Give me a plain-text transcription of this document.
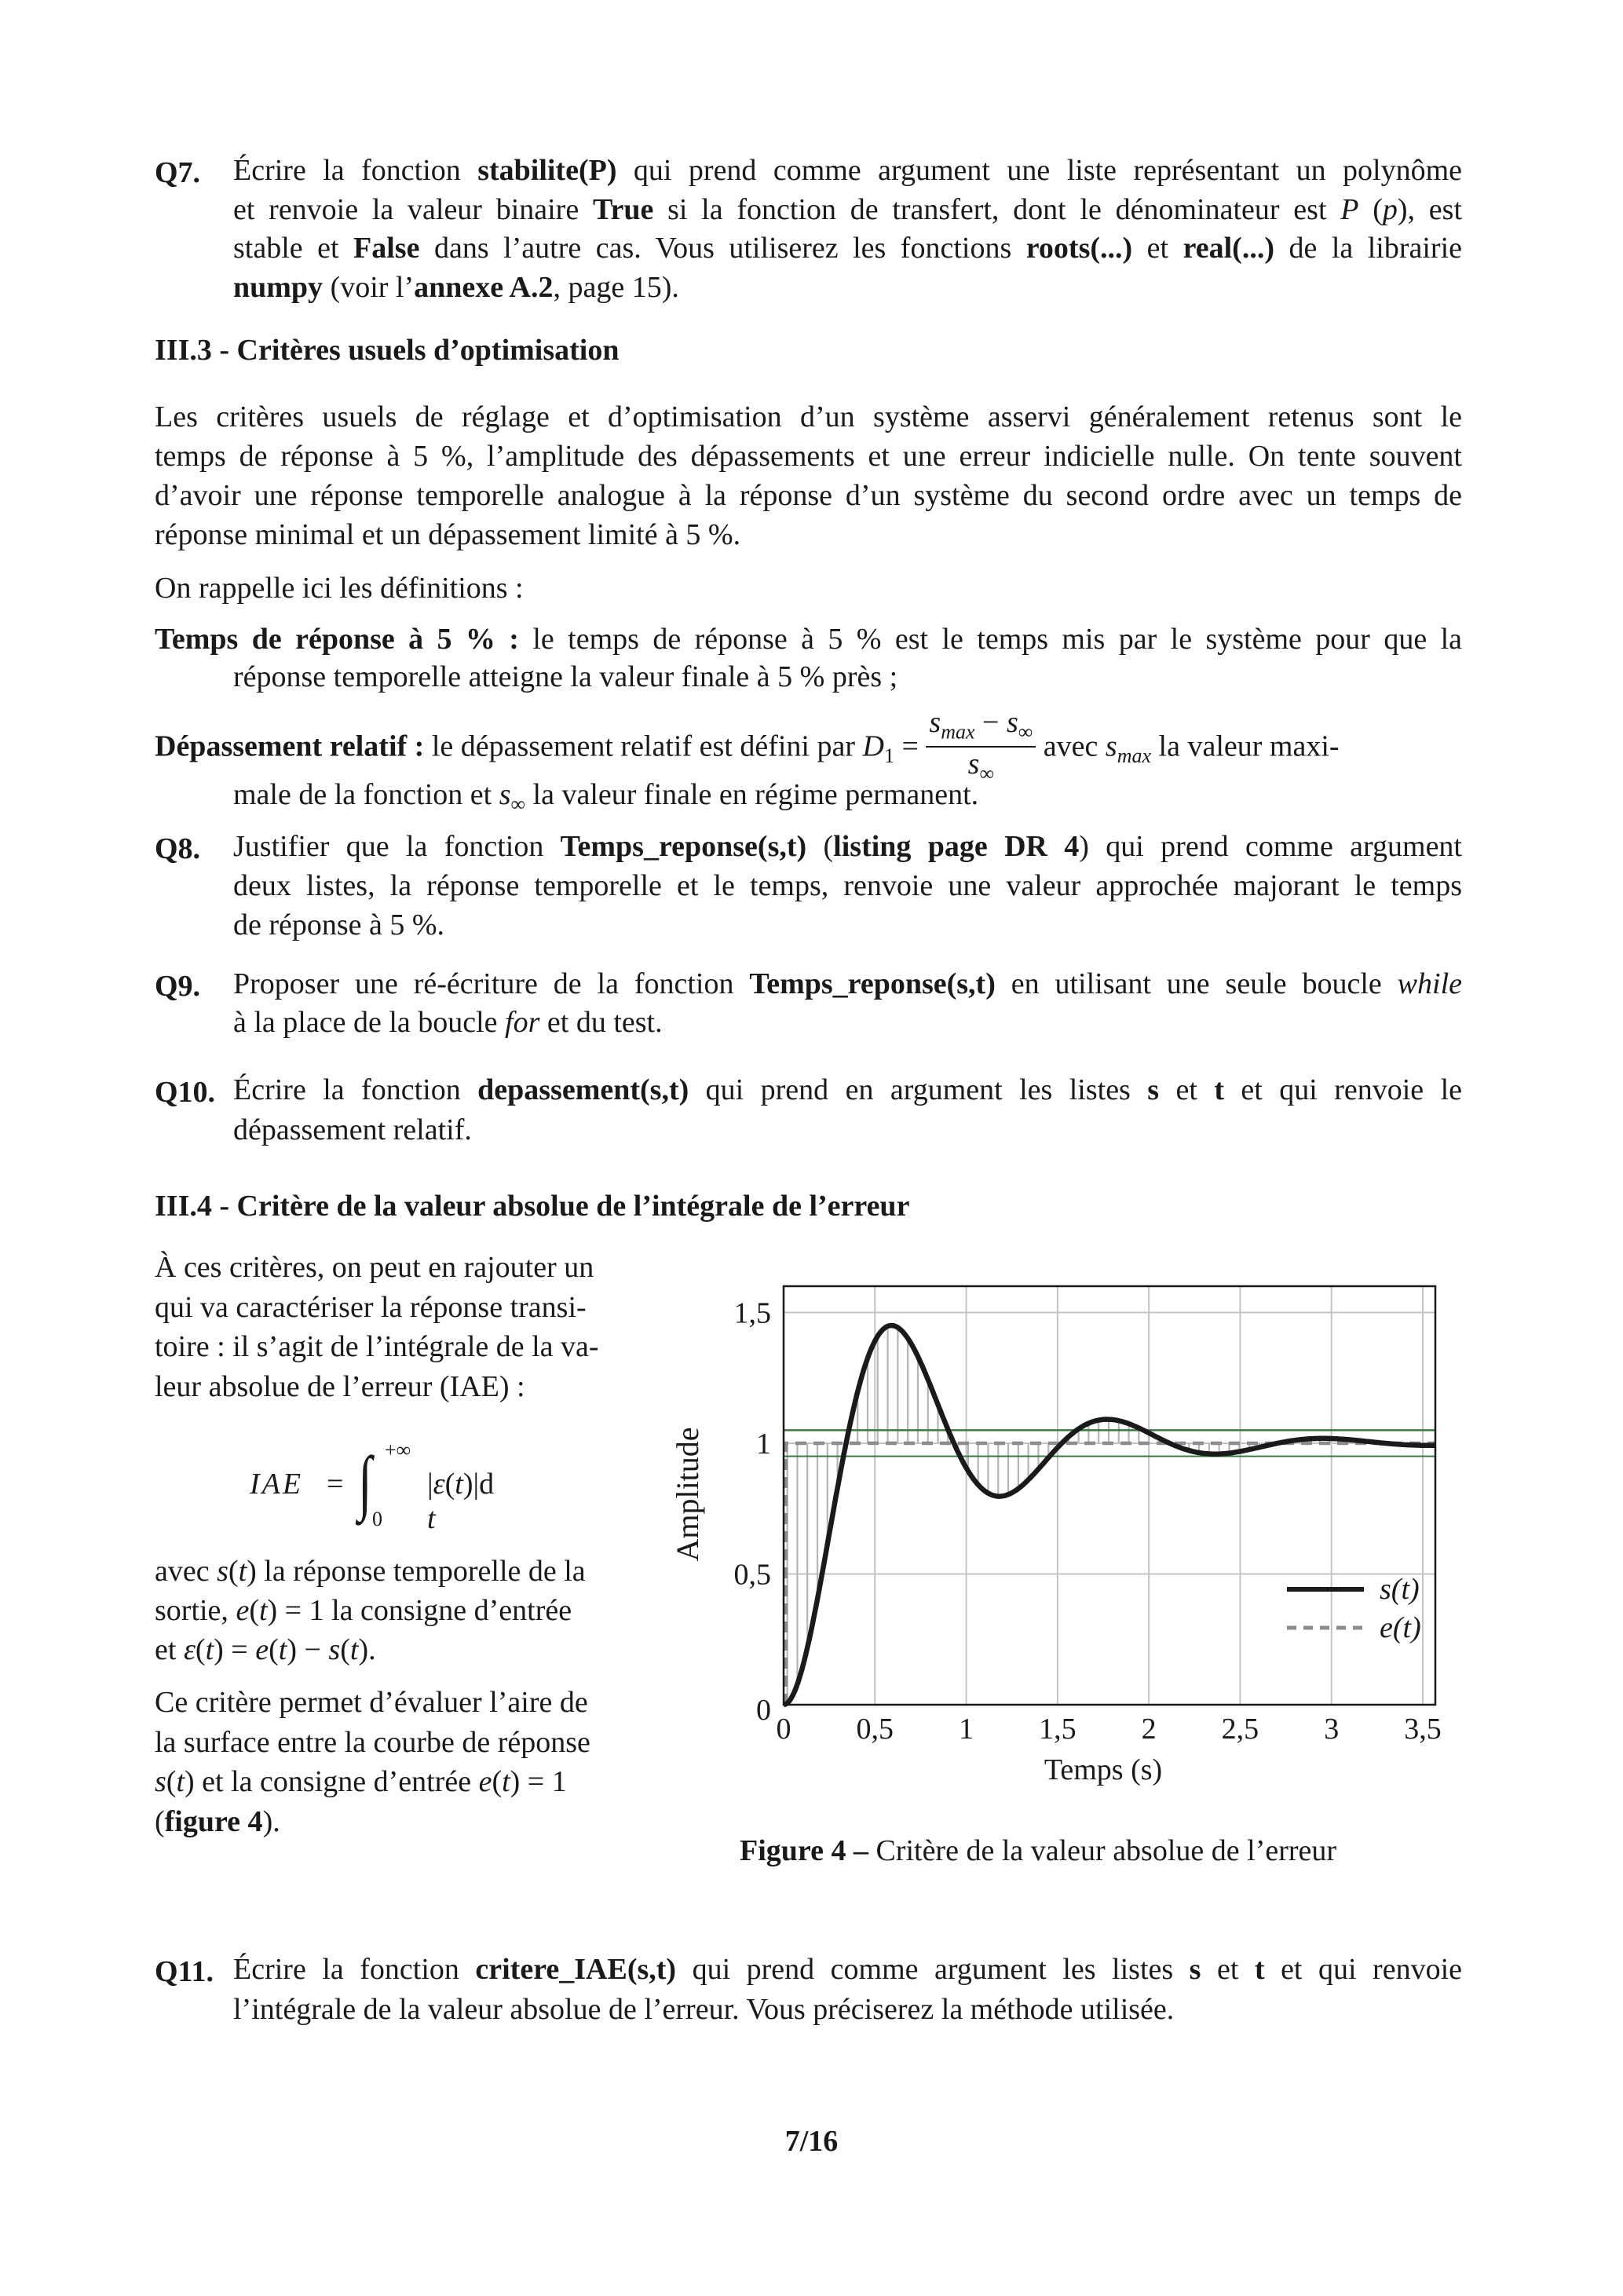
Q7. Écrire la fonction stabilite(P) qui prend comme argument une liste représentant un polynôme
et renvoie la valeur binaire True si la fonction de transfert, dont le dénominateur est P (p), est
stable et False dans l’autre cas. Vous utiliserez les fonctions roots(...) et real(...) de la librairie
numpy (voir l’annexe A.2, page 15).
III.3 - Critères usuels d’optimisation
Les critères usuels de réglage et d’optimisation d’un système asservi généralement retenus sont le
temps de réponse à 5 %, l’amplitude des dépassements et une erreur indicielle nulle. On tente souvent
d’avoir une réponse temporelle analogue à la réponse d’un système du second ordre avec un temps de
réponse minimal et un dépassement limité à 5 %.
On rappelle ici les définitions :
Temps de réponse à 5 % : le temps de réponse à 5 % est le temps mis par le système pour que la
réponse temporelle atteigne la valeur finale à 5 % près ;
Dépassement relatif : le dépassement relatif est défini par $D_1 = \frac{s_{max} - s_\infty}{s_\infty}$ avec $s_{max}$ la valeur maxi-
male de la fonction et $s_\infty$ la valeur finale en régime permanent.
Q8. Justifier que la fonction Temps_reponse(s,t) (listing page DR 4) qui prend comme argument
deux listes, la réponse temporelle et le temps, renvoie une valeur approchée majorant le temps
de réponse à 5 %.
Q9. Proposer une ré-écriture de la fonction Temps_reponse(s,t) en utilisant une seule boucle while
à la place de la boucle for et du test.
Q10. Écrire la fonction depassement(s,t) qui prend en argument les listes s et t et qui renvoie le
dépassement relatif.
III.4 - Critère de la valeur absolue de l’intégrale de l’erreur
À ces critères, on peut en rajouter un
qui va caractériser la réponse transi-
toire : il s’agit de l’intégrale de la va-
leur absolue de l’erreur (IAE) :
IAE = ∫ +∞
0
|ε(t)|d t
avec s(t) la réponse temporelle de la
sortie, e(t) = 1 la consigne d’entrée
et ε(t) = e(t) − s(t).
Ce critère permet d’évaluer l’aire de
la surface entre la courbe de réponse
s(t) et la consigne d’entrée e(t) = 1
(figure 4).
0 0,5 1 1,5 2 2,5 3 3,5
0
0,5
1
1,5
Temps (s)
Amplitude
s(t)
e(t)
Figure 4 – Critère de la valeur absolue de l’erreur
Q11. Écrire la fonction critere_IAE(s,t) qui prend comme argument les listes s et t et qui renvoie
l’intégrale de la valeur absolue de l’erreur. Vous préciserez la méthode utilisée.
7/16
